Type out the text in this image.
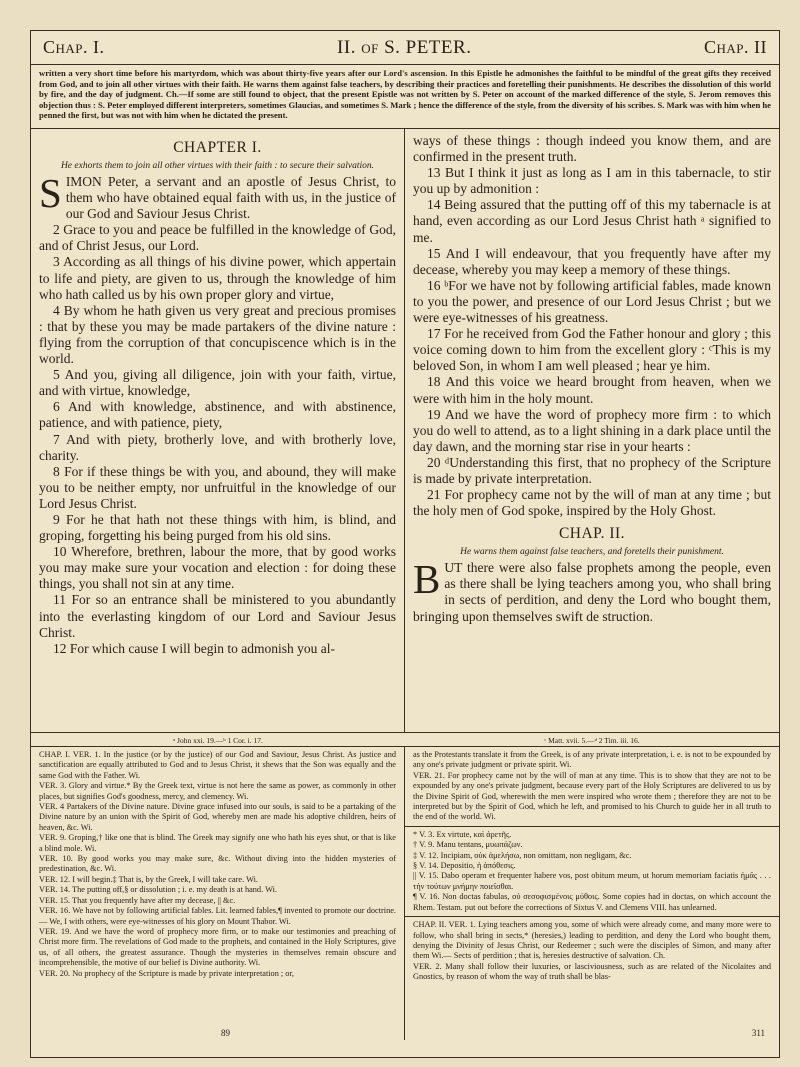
Chap. I.	II. of S. PETER.	Chap. II
written a very short time before his martyrdom, which was about thirty-five years after our Lord's ascension. In this Epistle he admonishes the faithful to be mindful of the great gifts they received from God, and to join all other virtues with their faith. He warns them against false teachers, by describing their practices and foretelling their punishments. He describes the dissolution of this world by fire, and the day of judgment. Ch.—If some are still found to object, that the present Epistle was not written by S. Peter on account of the marked difference of the style, S. Jerom removes this objection thus : S. Peter employed different interpreters, sometimes Glaucias, and sometimes S. Mark ; hence the difference of the style, from the diversity of his scribes. S. Mark was with him when he penned the first, but was not with him when he dictated the present.
CHAPTER I.
He exhorts them to join all other virtues with their faith : to secure their salvation.
SIMON Peter, a servant and an apostle of Jesus Christ, to them who have obtained equal faith with us, in the justice of our God and Saviour Jesus Christ.
2 Grace to you and peace be fulfilled in the knowledge of God, and of Christ Jesus, our Lord.
3 According as all things of his divine power, which appertain to life and piety, are given to us, through the knowledge of him who hath called us by his own proper glory and virtue,
4 By whom he hath given us very great and precious promises : that by these you may be made partakers of the divine nature : flying from the corruption of that concupiscence which is in the world.
5 And you, giving all diligence, join with your faith, virtue, and with virtue, knowledge,
6 And with knowledge, abstinence, and with abstinence, patience, and with patience, piety,
7 And with piety, brotherly love, and with brotherly love, charity.
8 For if these things be with you, and abound, they will make you to be neither empty, nor unfruitful in the knowledge of our Lord Jesus Christ.
9 For he that hath not these things with him, is blind, and groping, forgetting his being purged from his old sins.
10 Wherefore, brethren, labour the more, that by good works you may make sure your vocation and election : for doing these things, you shall not sin at any time.
11 For so an entrance shall be ministered to you abundantly into the everlasting kingdom of our Lord and Saviour Jesus Christ.
12 For which cause I will begin to admonish you al-
ways of these things : though indeed you know them, and are confirmed in the present truth.
13 But I think it just as long as I am in this tabernacle, to stir you up by admonition :
14 Being assured that the putting off of this my tabernacle is at hand, even according as our Lord Jesus Christ hath ᵃ signified to me.
15 And I will endeavour, that you frequently have after my decease, whereby you may keep a memory of these things.
16 ᵇFor we have not by following artificial fables, made known to you the power, and presence of our Lord Jesus Christ ; but we were eye-witnesses of his greatness.
17 For he received from God the Father honour and glory ; this voice coming down to him from the excellent glory : ᶜThis is my beloved Son, in whom I am well pleased ; hear ye him.
18 And this voice we heard brought from heaven, when we were with him in the holy mount.
19 And we have the word of prophecy more firm : to which you do well to attend, as to a light shining in a dark place until the day dawn, and the morning star rise in your hearts :
20 ᵈUnderstanding this first, that no prophecy of the Scripture is made by private interpretation.
21 For prophecy came not by the will of man at any time ; but the holy men of God spoke, inspired by the Holy Ghost.
CHAP. II.
He warns them against false teachers, and foretells their punishment.
BUT there were also false prophets among the people, even as there shall be lying teachers among you, who shall bring in sects of perdition, and deny the Lord who bought them, bringing upon themselves swift de struction.
ᵃ John xxi. 19.—ᵇ 1 Cor. i. 17.	ᶜ Matt. xvii. 5.—ᵈ 2 Tim. iii. 16.
CHAP. I. VER. 1. In the justice (or by the justice) of our God and Saviour, Jesus Christ. As justice and sanctification are equally attributed to God and to Jesus Christ, it shews that the Son was equally and the same God with the Father. Wi.
VER. 3. Glory and virtue.* By the Greek text, virtue is not here the same as power, as commonly in other places, but signifies God's goodness, mercy, and clemency. Wi.
VER. 4 Partakers of the Divine nature. Divine grace infused into our souls, is said to be a partaking of the Divine nature by an union with the Spirit of God, whereby men are made his adoptive children, heirs of heaven, &c. Wi.
VER. 9. Groping,† like one that is blind. The Greek may signify one who hath his eyes shut, or that is like a blind mole. Wi.
VER. 10. By good works you may make sure, &c. Without diving into the hidden mysteries of predestination, &c. Wi.
VER. 12. I will begin.‡ That is, by the Greek, I will take care. Wi.
VER. 14. The putting off,§ or dissolution ; i. e. my death is at hand. Wi.
VER. 15. That you frequently have after my decease, || &c.
VER. 16. We have not by following artificial fables. Lit. learned fables,¶ invented to promote our doctrine.— We, I with others, were eye-witnesses of his glory on Mount Thabor. Wi.
VER. 19. And we have the word of prophecy more firm, or to make our testimonies and preaching of Christ more firm. The revelations of God made to the prophets, and contained in the Holy Scriptures, give us, of all others, the greatest assurance. Though the mysteries in themselves remain obscure and incomprehensible, the motive of our belief is Divine authority. Wi.
VER. 20. No prophecy of the Scripture is made by private interpretation ; or,
89
as the Protestants translate it from the Greek, is of any private interpretation, i. e. is not to be expounded by any one's private judgment or private spirit. Wi.
VER. 21. For prophecy came not by the will of man at any time. This is to show that they are not to be expounded by any one's private judgment, because every part of the Holy Scriptures are delivered to us by the Divine Spirit of God, wherewith the men were inspired who wrote them ; therefore they are not to be interpreted but by the Spirit of God, which he left, and promised to his Church to guide her in all truth to the end of the world. Wi.
* V. 3. Ex virtute, καὶ ἀρετῆς.
† V. 9. Manu tentans, μυωπάζων.
‡ V. 12. Incipiam, οὐκ ἀμελήσω, non omittam, non negligam, &c.
§ V. 14. Depositio, ἡ ἀπόθεσις.
|| V. 15. Dabo operam et frequenter habere vos, post obitum meum, ut horum memoriam faciatis ἡμᾶς . . . τὴν τούτων μνήμην ποιεῖσθαι.
¶ V. 16. Non doctas fabulas, οὐ σεσοφισμένοις μύθοις. Some copies had in doctas, on which account the Rhem. Testam. put out before the corrections of Sixtus V. and Clemens VIII. has unlearned.
CHAP. II. VER. 1. Lying teachers among you, some of which were already come, and many more were to follow, who shall bring in sects,* (heresies,) leading to perdition, and deny the Lord who bought them, denying the Divinity of Jesus Christ, our Redeemer ; such were the disciples of Simon, and many after them Wi.— Sects of perdition ; that is, heresies destructive of salvation. Ch.
VER. 2. Many shall follow their luxuries, or lasciviousness, such as are related of the Nicolaites and Gnostics, by reason of whom the way of truth shall be blas-
311
